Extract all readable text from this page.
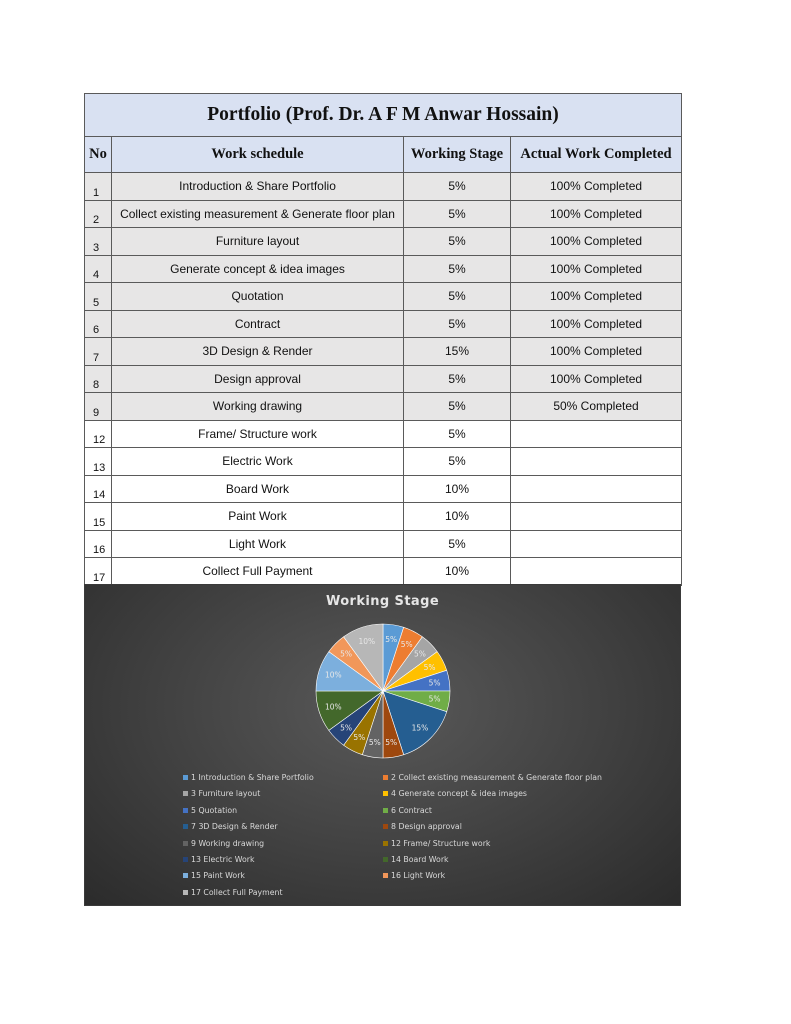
Portfolio (Prof. Dr. A F M Anwar Hossain)			
No	Work schedule	Working Stage	Actual Work Completed
1	Introduction & Share Portfolio	5%	100% Completed
2	Collect existing measurement & Generate floor plan	5%	100% Completed
3	Furniture layout	5%	100% Completed
4	Generate concept & idea images	5%	100% Completed
5	Quotation	5%	100% Completed
6	Contract	5%	100% Completed
7	3D Design & Render	15%	100% Completed
8	Design approval	5%	100% Completed
9	Working drawing	5%	50% Completed
12	Frame/ Structure work	5%	
13	Electric Work	5%	
14	Board Work	10%	
15	Paint Work	10%	
16	Light Work	5%	
17	Collect Full Payment	10%	
Working Stage
5%
5%
5%
5%
5%
5%
15%
5%
5%
5%
5%
10%
10%
5%
10%
1 Introduction & Share Portfolio	2 Collect existing measurement & Generate floor plan
3 Furniture layout	4 Generate concept & idea images
5 Quotation	6 Contract
7 3D Design & Render	8 Design approval
9 Working drawing	12 Frame/ Structure work
13 Electric Work	14 Board Work
15 Paint Work	16 Light Work
17 Collect Full Payment
